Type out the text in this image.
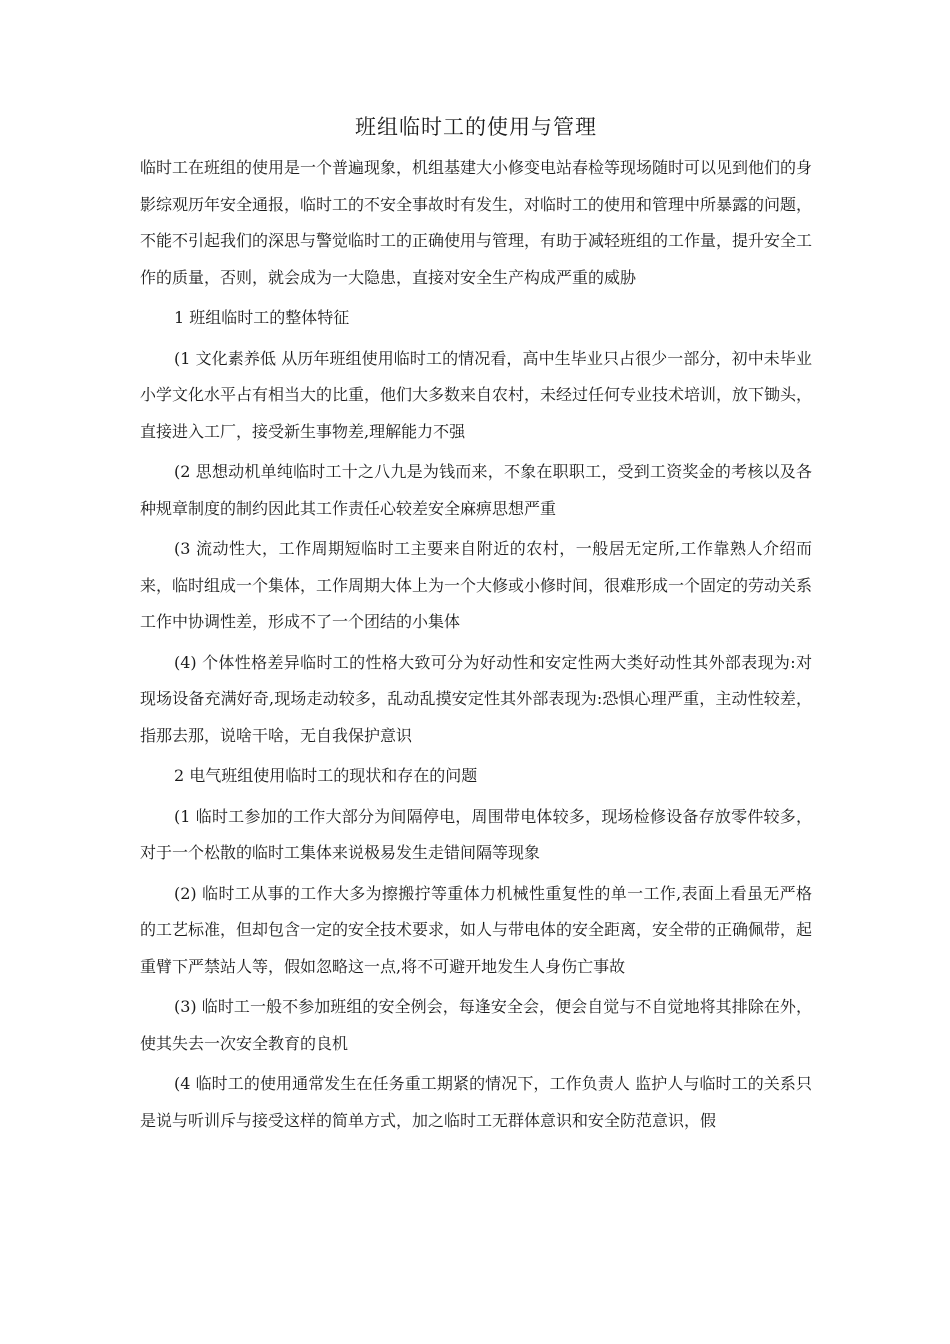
班组临时工的使用与管理

临时工在班组的使用是一个普遍现象，机组基建大小修变电站春检等现场随时可以见到他们的身影综观历年安全通报，临时工的不安全事故时有发生，对临时工的使用和管理中所暴露的问题，不能不引起我们的深思与警觉临时工的正确使用与管理，有助于减轻班组的工作量，提升安全工作的质量，否则，就会成为一大隐患，直接对安全生产构成严重的威胁

1 班组临时工的整体特征

(1 文化素养低 从历年班组使用临时工的情况看，高中生毕业只占很少一部分，初中未毕业小学文化水平占有相当大的比重，他们大多数来自农村，未经过任何专业技术培训，放下锄头，直接进入工厂，接受新生事物差,理解能力不强

(2 思想动机单纯临时工十之八九是为钱而来，不象在职职工，受到工资奖金的考核以及各种规章制度的制约因此其工作责任心较差安全麻痹思想严重

(3 流动性大，工作周期短临时工主要来自附近的农村，一般居无定所,工作靠熟人介绍而来，临时组成一个集体，工作周期大体上为一个大修或小修时间，很难形成一个固定的劳动关系工作中协调性差，形成不了一个团结的小集体

(4) 个体性格差异临时工的性格大致可分为好动性和安定性两大类好动性其外部表现为:对现场设备充满好奇,现场走动较多，乱动乱摸安定性其外部表现为:恐惧心理严重，主动性较差，指那去那，说啥干啥，无自我保护意识

2 电气班组使用临时工的现状和存在的问题

(1 临时工参加的工作大部分为间隔停电，周围带电体较多，现场检修设备存放零件较多，对于一个松散的临时工集体来说极易发生走错间隔等现象

(2) 临时工从事的工作大多为擦搬拧等重体力机械性重复性的单一工作,表面上看虽无严格的工艺标准，但却包含一定的安全技术要求，如人与带电体的安全距离，安全带的正确佩带，起重臂下严禁站人等，假如忽略这一点,将不可避开地发生人身伤亡事故

(3) 临时工一般不参加班组的安全例会，每逢安全会，便会自觉与不自觉地将其排除在外，使其失去一次安全教育的良机

(4 临时工的使用通常发生在任务重工期紧的情况下，工作负责人 监护人与临时工的关系只是说与听训斥与接受这样的简单方式，加之临时工无群体意识和安全防范意识，假
